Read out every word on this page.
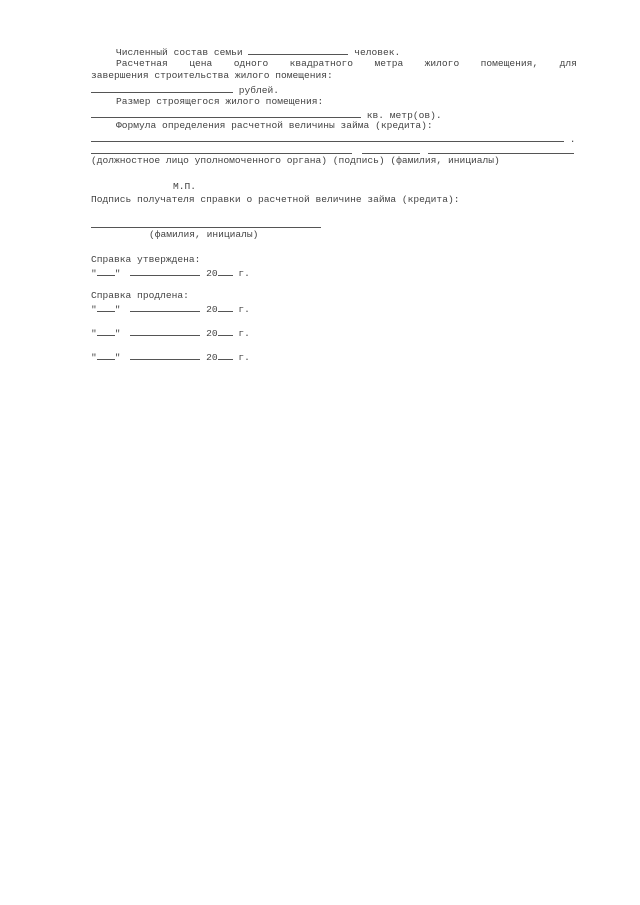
Численный состав семьи	человек.
Расчетная цена одного квадратного метра жилого помещения, для
завершения строительства жилого помещения:
рублей.
Размер строящегося жилого помещения:
кв. метр(ов).
Формула определения расчетной величины займа (кредита):
.
(должностное лицо уполномоченного органа) (подпись) (фамилия, инициалы)
М.П.
Подпись получателя справки о расчетной величине займа (кредита):
(фамилия, инициалы)
Справка утверждена:
" "	20 г.
Справка продлена:
" "	20 г.
" "	20 г.
" "	20 г.
